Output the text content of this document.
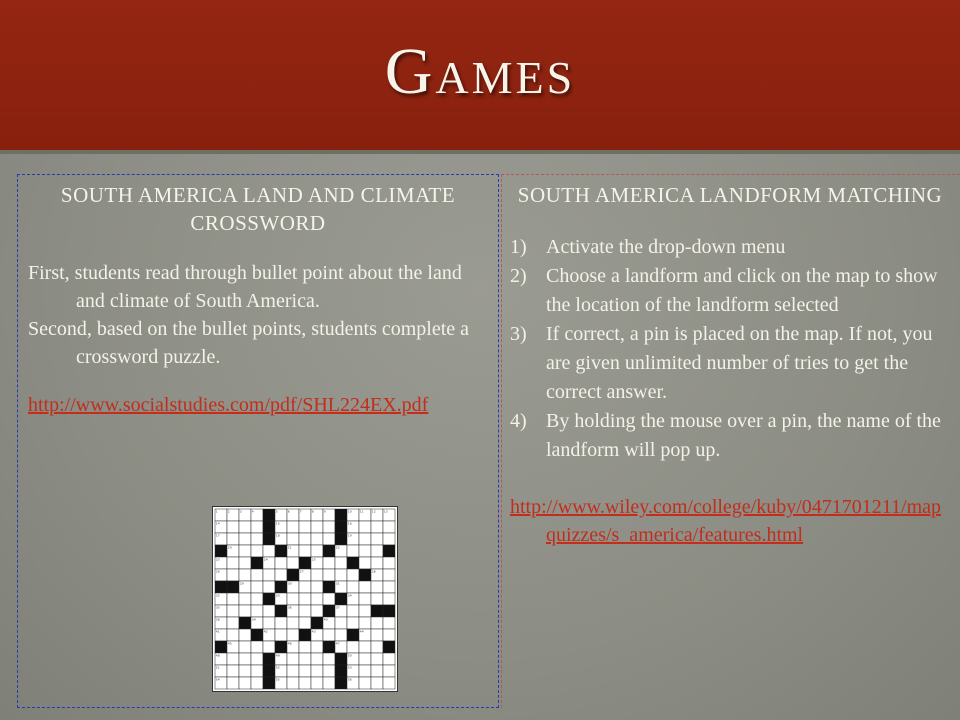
Games
SOUTH AMERICA LAND AND CLIMATE CROSSWORD

First, students read through bullet point about the land and climate of South America.

Second, based on the bullet points, students complete a crossword puzzle.

http://www.socialstudies.com/pdf/SHL224EX.pdf
1	2	3	4	5	6	7	8	9	10	11	12	13
14	15	16
17	18	19
20	21	22
23	24	25
26	27	28
29	30	31
32	33	34
35	36	37
38	39	40
41	42	43	44
45	46	47
48	49	50
51	52	53
54	55	56
SOUTH AMERICA LANDFORM MATCHING
1) Activate the drop-down menu
2) Choose a landform and click on the map to show the location of the landform selected
3) If correct, a pin is placed on the map. If not, you are given unlimited number of tries to get the correct answer.
4) By holding the mouse over a pin, the name of the landform will pop up.
http://www.wiley.com/college/kuby/0471701211/mapquizzes/s_america/features.html
